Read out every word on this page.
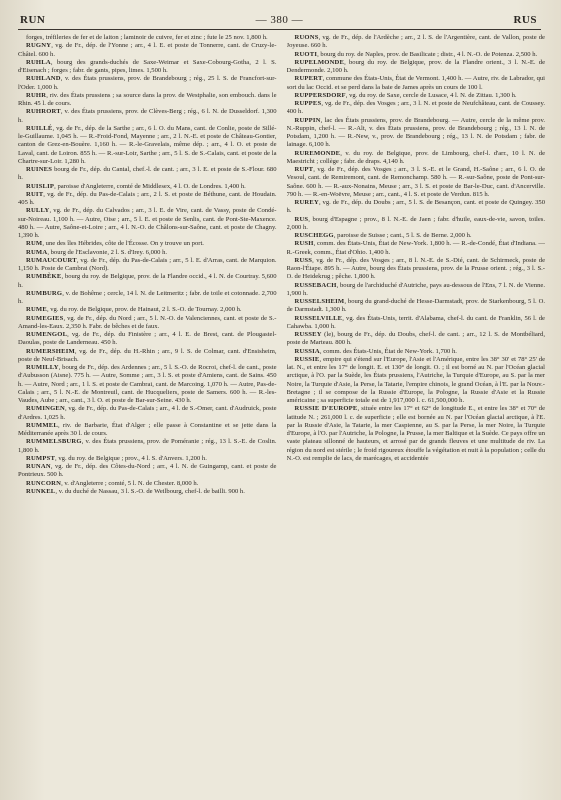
RUN	— 380 —	RUS

forges, tréfileries de fer et de laiton ; laminoir de cuivre, fer et zinc ; fute le 25 nov. 1,800 h.

RUGNY, vg. de Fr., dép. de l'Yonne ; arr., 4 l. E. et poste de Tonnerre, cant. de Cruzy-le-Châtel. 600 h.

RUHLA, bourg des grands-duchés de Saxe-Weimar et Saxe-Cobourg-Gotha, 2 l. S. d'Eisenach ; forges ; fabr. de gants, pipes, limes. 1,500 h.

RUHLAND, v. des États prussiens, prov. de Brandebourg ; rég., 25 l. S. de Francfort-sur-l'Oder. 1,000 h.

RUHR, riv. des États prussiens ; sa source dans la prov. de Westphalie, son embouch. dans le Rhin. 45 l. de cours.

RUHRORT, v. des États prussiens, prov. de Clèves-Berg ; rég., 6 l. N. de Dusseldorf. 1,300 h.

RUILLÉ, vg. de Fr., dép. de la Sarthe ; arr., 6 l. O. du Mans, cant. de Conlie, poste de Sillé-le-Guillaume. 1,045 h. — R.-Froid-Fond, Mayenne ; arr., 2 l. N.-E. et poste de Château-Gontier, canton de Grez-en-Bouère. 1,160 h. — R.-le-Gravelais, même dép. ; arr., 4 l. O. et poste de Laval, cant. de Loiron. 855 h. — R.-sur-Loir, Sarthe ; arr., 5 l. S. de S.-Calais, cant. et poste de la Chartre-sur-Loir. 1,280 h.

RUINES bourg de Fr., dép. du Cantal, chef.-l. de cant. ; arr., 3 l. E. et poste de S.-Flour. 680 h.

RUISLIP, paroisse d'Angleterre, comté de Middlesex, 4 l. O. de Londres. 1,400 h.

RUIT, vg. de Fr., dép. du Pas-de-Calais ; arr., 2 l. S. et poste de Béthune, cant. de Houdain. 405 h.

RULLY, vg. de Fr., dép. du Calvados ; arr., 3 l. E. de Vire, cant. de Vassy, poste de Condé-sur-Noireau. 1,100 h. — Autre, Oise ; arr., 5 l. E. et poste de Senlis, cant. de Pont-Ste-Maxence. 480 h. — Autre, Saône-et-Loire ; arr., 4 l. N.-O. de Châlons-sur-Saône, cant. et poste de Chagny. 1,390 h.

RUM, une des îles Hébrides, côte de l'Écosse. On y trouve un port.

RUMA, bourg de l'Esclavonie, 2 l. S. d'Irey. 6,000 h.

RUMAUCOURT, vg. de Fr., dép. du Pas-de-Calais ; arr., 5 l. E. d'Arras, cant. de Marquion. 1,150 h. Poste de Cambrai (Nord).

RUMBÈKE, bourg du roy. de Belgique, prov. de la Flandre occid., 4 l. N. de Courtray. 5,600 h.

RUMBURG, v. de Bohême ; cercle, 14 l. N. de Leitmeritz ; fabr. de toile et cotonnade. 2,700 h.

RUME, vg. du roy. de Belgique, prov. de Hainaut, 2 l. S.-O. de Tournay. 2,000 h.

RUMEGIES, vg. de Fr., dép. du Nord ; arr., 5 l. N.-O. de Valenciennes, cant. et poste de S.-Amand-les-Eaux. 2,350 h. Fabr. de bêches et de faux.

RUMENGOL, vg. de Fr., dép. du Finistère ; arr., 4 l. E. de Brest, cant. de Plougastel-Daoulas, poste de Landerneau. 450 h.

RUMERSHEIM, vg. de Fr., dép. du H.-Rhin ; arr., 9 l. S. de Colmar, cant. d'Ensisheim, poste de Neuf-Brisach.

RUMILLY, bourg de Fr., dép. des Ardennes ; arr., 5 l. S.-O. de Rocroi, chef-l. de cant., poste d'Aubusson (Aisne). 775 h. — Autre, Somme ; arr., 3 l. S. et poste d'Amiens, cant. de Sains. 450 h. — Autre, Nord ; arr., 1 l. S. et poste de Cambrai, cant. de Marcoing. 1,070 h. — Autre, Pas-de-Calais ; arr., 5 l. N.-E. de Montreuil, cant. de Hucqueliers, poste de Samers. 600 h. — R.-les-Vaudes, Aube ; arr., cant., 3 l. O. et poste de Bar-sur-Seine. 430 h.

RUMINGEN, vg. de Fr., dép. du Pas-de-Calais ; arr., 4 l. de S.-Omer, cant. d'Audruick, poste d'Ardres. 1,025 h.

RUMMEL, riv. de Barbarie, État d'Alger ; elle passe à Constantine et se jette dans la Méditerranée après 30 l. de cours.

RUMMELSBURG, v. des États prussiens, prov. de Poméranie ; rég., 13 l. S.-E. de Coslin. 1,800 h.

RUMPST, vg. du roy. de Belgique ; prov., 4 l. S. d'Anvers. 1,200 h.

RUNAN, vg. de Fr., dép. des Côtes-du-Nord ; arr., 4 l. N. de Guingamp, cant. et poste de Pontrieux. 500 h.

RUNCORN, v. d'Angleterre ; comté, 5 l. N. de Chester. 8,000 h.

RUNKEL, v. du duché de Nassau, 3 l. S.-O. de Weilbourg, chef-l. de bailli. 900 h.

RUONS, vg. de Fr., dép. de l'Ardèche ; arr., 2 l. S. de l'Argentière, cant. de Vallon, poste de Joyeuse. 660 h.

RUOTI, bourg du roy. de Naples, prov. de Basilicate ; distr., 4 l. N.-O. de Potenza. 2,500 h.

RUPELMONDE, bourg du roy. de Belgique, prov. de la Flandre orient., 3 l. N.-E. de Dendermonde. 2,100 h.

RUPERT, commune des États-Unis, État de Vermont. 1,400 h. — Autre, riv. de Labrador, qui sort du lac Occid. et se perd dans la baie de James après un cours de 100 l.

RUPPERSDORF, vg. du roy. de Saxe, cercle de Lusace, 4 l. N. de Zittau. 1,300 h.

RUPPES, vg. de Fr., dép. des Vosges ; arr., 3 l. N. et poste de Neufchâteau, cant. de Coussey. 400 h.

RUPPIN, lac des États prussiens, prov. de Brandebourg. — Autre, cercle de la même prov. N.-Ruppin, chef-l. — R.-Alt, v. des États prussiens, prov. de Brandebourg ; rég., 13 l. N. de Potsdam, 1,200 h. — R.-New, v., prov. de Brandebourg ; rég., 13 l. N. de Potsdam ; fabr. de lainage. 6,100 h.

RUREMONDE, v. du roy. de Belgique, prov. de Limbourg, chef-l. d'arr., 10 l. N. de Maestricht ; collège ; fabr. de draps. 4,140 h.

RUPT, vg. de Fr., dép. des Vosges ; arr., 3 l. S.-E. et le Grand, H.-Saône ; arr., 6 l. O. de Vesoul, cant. de Remiremont, cant. de Remonchamp. 580 h. — R.-sur-Saône, poste de Pont-sur-Saône. 600 h. — R.-aux-Nonains, Meuse ; arr., 3 l. S. et poste de Bar-le-Duc, cant. d'Ancerville. 790 h. — R.-en-Woëvre, Meuse ; arr., cant., 4 l. S. et poste de Verdun. 815 h.

RUREY, vg. de Fr., dép. du Doubs ; arr., 5 l. S. de Besançon, cant. et poste de Quingey. 350 h.

RUS, bourg d'Espagne ; prov., 8 l. N.-E. de Jaen ; fabr. d'huile, eaux-de-vie, savon, toiles. 2,000 h.

RUSCHEGG, paroisse de Suisse ; cant., 5 l. S. de Berne. 2,000 h.

RUSH, comm. des États-Unis, État de New-York. 1,800 h. — R.-de-Condé, État d'Indiana. — R.-Greek, comm., État d'Ohio. 1,400 h.

RUSS, vg. de Fr., dép. des Vosges ; arr., 8 l. N.-E. de S.-Dié, cant. de Schirmeck, poste de Raon-l'Étape. 895 h. — Autre, bourg des États prussiens, prov. de la Prusse orient. ; rég., 3 l. S.-O. de Heidekrug ; pêche. 1,800 h.

RUSSEBACH, bourg de l'archiduché d'Autriche, pays au-dessous de l'Ens, 7 l. N. de Vienne. 1,900 h.

RUSSELSHEIM, bourg du grand-duché de Hesse-Darmstadt, prov. de Starkenbourg, 5 l. O. de Darmstadt. 1,300 h.

RUSSELVILLE, vg. des États-Unis, territ. d'Alabama, chef-l. du cant. de Franklin, 56 l. de Cahawba. 1,000 h.

RUSSEY (le), bourg de Fr., dép. du Doubs, chef-l. de cant. ; arr., 12 l. S. de Montbéliard, poste de Marteau. 800 h.

RUSSIA, comm. des États-Unis, État de New-York. 1,700 h.

RUSSIE, empire qui s'étend sur l'Europe, l'Asie et l'Amérique, entre les 38° 30' et 78° 25' de lat. N., et entre les 17° de longit. E. et 130° de longit. O. ; il est borné au N. par l'Océan glacial arctique, à l'O. par la Suède, les États prussiens, l'Autriche, la Turquie d'Europe, au S. par la mer Noire, la Turquie d'Asie, la Perse, la Tatarie, l'empire chinois, le grand Océan, à l'E. par la Nouv.-Bretagne ; il se compose de la Russie d'Europe, la Pologne, la Russie d'Asie et la Russie américaine ; sa superficie totale est de 1,917,000 l. c. 61,500,000 h.

RUSSIE D'EUROPE, située entre les 17° et 62° de longitude E., et entre les 38° et 70° de latitude N. ; 261,000 l. c. de superficie ; elle est bornée au N. par l'Océan glacial arctique, à l'E. par la Russie d'Asie, la Tatarie, la mer Caspienne, au S. par la Perse, la mer Noire, la Turquie d'Europe, à l'O. par l'Autriche, la Pologne, la Prusse, la mer Baltique et la Suède. Ce pays offre un vaste plateau sillonné de hauteurs, et arrosé par de grands fleuves et une multitude de riv. La région du nord est stérile ; le froid rigoureux étouffe la végétation et nuit à la population ; celle du N.-O. est remplie de lacs, de marécages, et accidentée
